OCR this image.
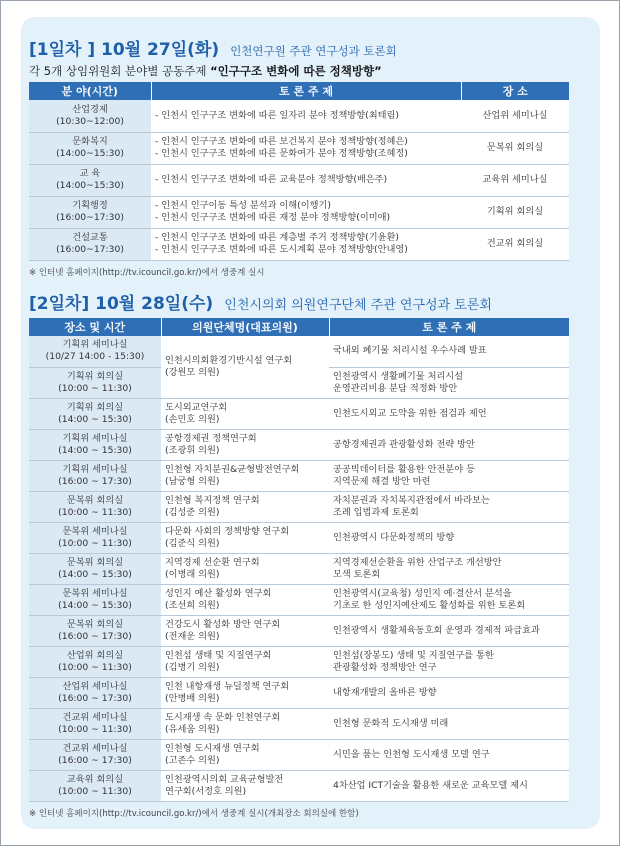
[1일차 ] 10월 27일(화) 인천연구원 주관 연구성과 토론회
각 5개 상임위원회 분야별 공동주제 “인구구조 변화에 따른 정책방향”
분 야(시간)	토 론 주 제	장 소

산업경제
(10:30~12:00)	- 인천시 인구구조 변화에 따른 일자리 분야 정책방향(최태림)	산업위 세미나실

문화복지
(14:00~15:30)	- 인천시 인구구조 변화에 따른 보건복지 분야 정책방향(정혜은)
- 인천시 인구구조 변화에 따른 문화여가 분야 정책방향(조혜정)	문복위 회의실

교 육
(14:00~15:30)	- 인천시 인구구조 변화에 따른 교육분야 정책방향(배은주)	교육위 세미나실

기획행정
(16:00~17:30)	- 인천시 인구이동 특성 분석과 이해(이행기)
- 인천시 인구구조 변화에 따른 재정 분야 정책방향(이미애)	기획위 회의실

건설교통
(16:00~17:30)	- 인천시 인구구조 변화에 따른 계층별 주거 정책방향(기윤환)
- 인천시 인구구조 변화에 따른 도시계획 분야 정책방향(안내영)	건교위 회의실
※ 인터넷 홈페이지(http://tv.icouncil.go.kr/)에서 생중계 실시
[2일차] 10월 28일(수) 인천시의회 의원연구단체 주관 연구성과 토론회
장소 및 시간	의원단체명(대표의원)	토 론 주 제

기획위 세미나실
(10/27 14:00 - 15:30)	인천시의회환경기반시설 연구회
(강원모 의원)	국내외 폐기물 처리시설 우수사례 발표

기획위 회의실
(10:00 ~ 11:30)		인천광역시 생활폐기물 처리시설
운영관리비용 분담 적정화 방안

기획위 회의실
(14:00 ~ 15:30)	도시외교연구회
(손민호 의원)	인천도시외교 도약을 위한 점검과 제언

기획위 세미나실
(14:00 ~ 15:30)	공항경제권 정책연구회
(조광휘 의원)	공항경제권과 관광활성화 전략 방안

기획위 세미나실
(16:00 ~ 17:30)	인천형 자치분권&균형발전연구회
(남궁형 의원)	공공빅데이터를 활용한 안전분야 등
지역문제 해결 방안 마련

문복위 회의실
(10:00 ~ 11:30)	인천형 복지정책 연구회
(김성준 의원)	자치분권과 자치복지관점에서 바라보는
조례 입법과제 토론회

문복위 세미나실
(10:00 ~ 11:30)	다문화 사회의 정책방향 연구회
(김준식 의원)	인천광역시 다문화정책의 방향

문복위 회의실
(14:00 ~ 15:30)	지역경제 선순환 연구회
(이병래 의원)	지역경제선순환을 위한 산업구조 개선방안
모색 토론회

문복위 세미나실
(14:00 ~ 15:30)	성인지 예산 활성화 연구회
(조선희 의원)	인천광역시(교육청) 성인지 예·결산서 분석을
기초로 한 성인지예산제도 활성화를 위한 토론회

문복위 회의실
(16:00 ~ 17:30)	건강도시 활성화 방안 연구회
(전재운 의원)	인천광역시 생활체육동호회 운영과 경제적 파급효과

산업위 회의실
(10:00 ~ 11:30)	인천섬 생태 및 지질연구회
(김병기 의원)	인천섬(장봉도) 생태 및 지질연구를 통한
관광활성화 정책방안 연구

산업위 세미나실
(16:00 ~ 17:30)	인천 내항재생 뉴딜정책 연구회
(안병배 의원)	내항재개발의 올바른 방향

건교위 세미나실
(10:00 ~ 11:30)	도시재생 속 문화 인천연구회
(유세움 의원)	인천형 문화적 도시재생 미래

건교위 세미나실
(16:00 ~ 17:30)	인천형 도시재생 연구회
(고존수 의원)	시민을 품는 인천형 도시재생 모델 연구

교육위 회의실
(10:00 ~ 11:30)	인천광역시의회 교육균형발전
연구회(서정호 의원)	4차산업 ICT기술을 활용한 새로운 교육모델 제시
※ 인터넷 홈페이지(http://tv.icouncil.go.kr/)에서 생중계 실시(개최장소 회의실에 한함)
